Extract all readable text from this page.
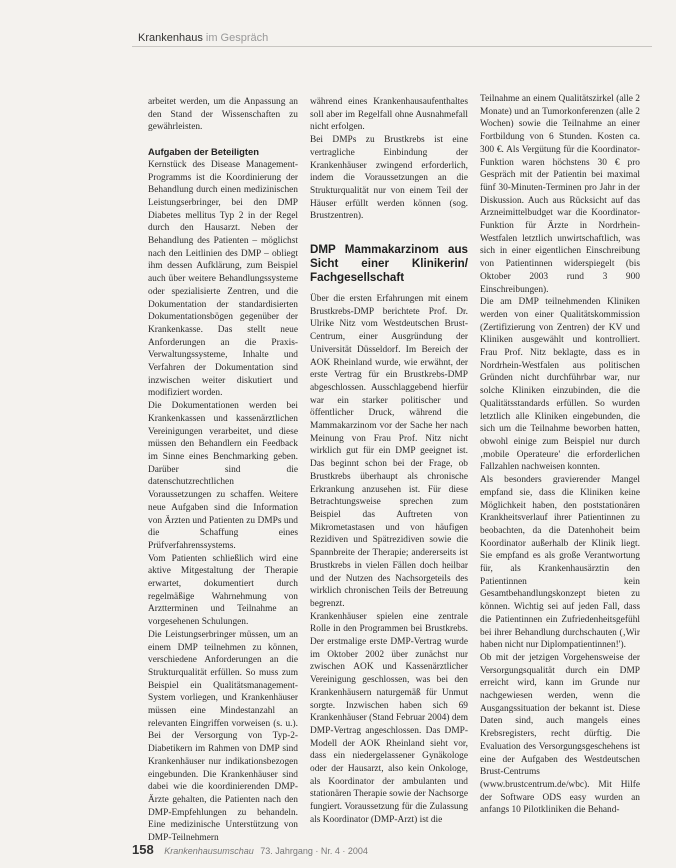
Krankenhaus im Gespräch

arbeitet werden, um die Anpassung an den Stand der Wissenschaften zu gewährleisten.

Aufgaben der Beteiligten

Kernstück des Disease Management-Programms ist die Koordinierung der Behandlung durch einen medizinischen Leistungserbringer, bei den DMP Diabetes mellitus Typ 2 in der Regel durch den Hausarzt. Neben der Behandlung des Patienten – möglichst nach den Leitlinien des DMP – obliegt ihm dessen Aufklärung, zum Beispiel auch über weitere Behandlungssysteme oder spezialisierte Zentren, und die Dokumentation der standardisierten Dokumentationsbögen gegenüber der Krankenkasse. Das stellt neue Anforderungen an die Praxis-Verwaltungssysteme, Inhalte und Verfahren der Dokumentation sind inzwischen weiter diskutiert und modifiziert worden.

Die Dokumentationen werden bei Krankenkassen und kassenärztlichen Vereinigungen verarbeitet, und diese müssen den Behandlern ein Feedback im Sinne eines Benchmarking geben. Darüber sind die datenschutzrechtlichen Voraussetzungen zu schaffen. Weitere neue Aufgaben sind die Information von Ärzten und Patienten zu DMPs und die Schaffung eines Prüfverfahrenssystems.

Vom Patienten schließlich wird eine aktive Mitgestaltung der Therapie erwartet, dokumentiert durch regelmäßige Wahrnehmung von Arztterminen und Teilnahme an vorgesehenen Schulungen.

Die Leistungserbringer müssen, um an einem DMP teilnehmen zu können, verschiedene Anforderungen an die Strukturqualität erfüllen. So muss zum Beispiel ein Qualitätsmanagement-System vorliegen, und Krankenhäuser müssen eine Mindestanzahl an relevanten Eingriffen vorweisen (s. u.). Bei der Versorgung von Typ-2-Diabetikern im Rahmen von DMP sind Krankenhäuser nur indikationsbezogen eingebunden. Die Krankenhäuser sind dabei wie die koordinierenden DMP-Ärzte gehalten, die Patienten nach den DMP-Empfehlungen zu behandeln. Eine medizinische Unterstützung von DMP-Teilnehmern

während eines Krankenhausaufenthaltes soll aber im Regelfall ohne Ausnahmefall nicht erfolgen.

Bei DMPs zu Brustkrebs ist eine vertragliche Einbindung der Krankenhäuser zwingend erforderlich, indem die Voraussetzungen an die Strukturqualität nur von einem Teil der Häuser erfüllt werden können (sog. Brustzentren).

DMP Mammakarzinom aus Sicht einer Klinikerin/ Fachgesellschaft

Über die ersten Erfahrungen mit einem Brustkrebs-DMP berichtete Prof. Dr. Ulrike Nitz vom Westdeutschen Brust-Centrum, einer Ausgründung der Universität Düsseldorf. Im Bereich der AOK Rheinland wurde, wie erwähnt, der erste Vertrag für ein Brustkrebs-DMP abgeschlossen. Ausschlaggebend hierfür war ein starker politischer und öffentlicher Druck, während die Mammakarzinom vor der Sache her nach Meinung von Frau Prof. Nitz nicht wirklich gut für ein DMP geeignet ist. Das beginnt schon bei der Frage, ob Brustkrebs überhaupt als chronische Erkrankung anzusehen ist. Für diese Betrachtungsweise sprechen zum Beispiel das Auftreten von Mikrometastasen und von häufigen Rezidiven und Spätrezidiven sowie die Spannbreite der Therapie; andererseits ist Brustkrebs in vielen Fällen doch heilbar und der Nutzen des Nachsorgeteils des wirklich chronischen Teils der Betreuung begrenzt.

Krankenhäuser spielen eine zentrale Rolle in den Programmen bei Brustkrebs. Der erstmalige erste DMP-Vertrag wurde im Oktober 2002 über zunächst nur zwischen AOK und Kassenärztlicher Vereinigung geschlossen, was bei den Krankenhäusern naturgemäß für Unmut sorgte. Inzwischen haben sich 69 Krankenhäuser (Stand Februar 2004) dem DMP-Vertrag angeschlossen. Das DMP-Modell der AOK Rheinland sieht vor, dass ein niedergelassener Gynäkologe oder der Hausarzt, also kein Onkologe, als Koordinator der ambulanten und stationären Therapie sowie der Nachsorge fungiert. Voraussetzung für die Zulassung als Koordinator (DMP-Arzt) ist die

Teilnahme an einem Qualitätszirkel (alle 2 Monate) und an Tumorkonferenzen (alle 2 Wochen) sowie die Teilnahme an einer Fortbildung von 6 Stunden. Kosten ca. 300 €. Als Vergütung für die Koordinator-Funktion waren höchstens 30 € pro Gespräch mit der Patientin bei maximal fünf 30-Minuten-Terminen pro Jahr in der Diskussion. Auch aus Rücksicht auf das Arzneimittelbudget war die Koordinator-Funktion für Ärzte in Nordrhein-Westfalen letztlich unwirtschaftlich, was sich in einer eigentlichen Einschreibung von Patientinnen widerspiegelt (bis Oktober 2003 rund 3 900 Einschreibungen).

Die am DMP teilnehmenden Kliniken werden von einer Qualitätskommission (Zertifizierung von Zentren) der KV und Kliniken ausgewählt und kontrolliert. Frau Prof. Nitz beklagte, dass es in Nordrhein-Westfalen aus politischen Gründen nicht durchführbar war, nur solche Kliniken einzubinden, die die Qualitätsstandards erfüllen. So wurden letztlich alle Kliniken eingebunden, die sich um die Teilnahme beworben hatten, obwohl einige zum Beispiel nur durch ‚mobile Operateure' die erforderlichen Fallzahlen nachweisen konnten.

Als besonders gravierender Mangel empfand sie, dass die Kliniken keine Möglichkeit haben, den poststationären Krankheitsverlauf ihrer Patientinnen zu beobachten, da die Datenhoheit beim Koordinator außerhalb der Klinik liegt. Sie empfand es als große Verantwortung für, als Krankenhausärztin den Patientinnen kein Gesamtbehandlungskonzept bieten zu können. Wichtig sei auf jeden Fall, dass die Patientinnen ein Zufriedenheitsgefühl bei ihrer Behandlung durchschauten (‚Wir haben nicht nur Diplompatientinnen!').

Ob mit der jetzigen Vorgehensweise der Versorgungsqualität durch ein DMP erreicht wird, kann im Grunde nur nachgewiesen werden, wenn die Ausgangssituation der bekannt ist. Diese Daten sind, auch mangels eines Krebsregisters, recht dürftig. Die Evaluation des Versorgungsgeschehens ist eine der Aufgaben des Westdeutschen Brust-Centrums (www.brustcentrum.de/wbc). Mit Hilfe der Software ODS easy wurden an anfangs 10 Pilotkliniken die Behand-

158 Krankenhausumschau 73. Jahrgang · Nr. 4 · 2004
